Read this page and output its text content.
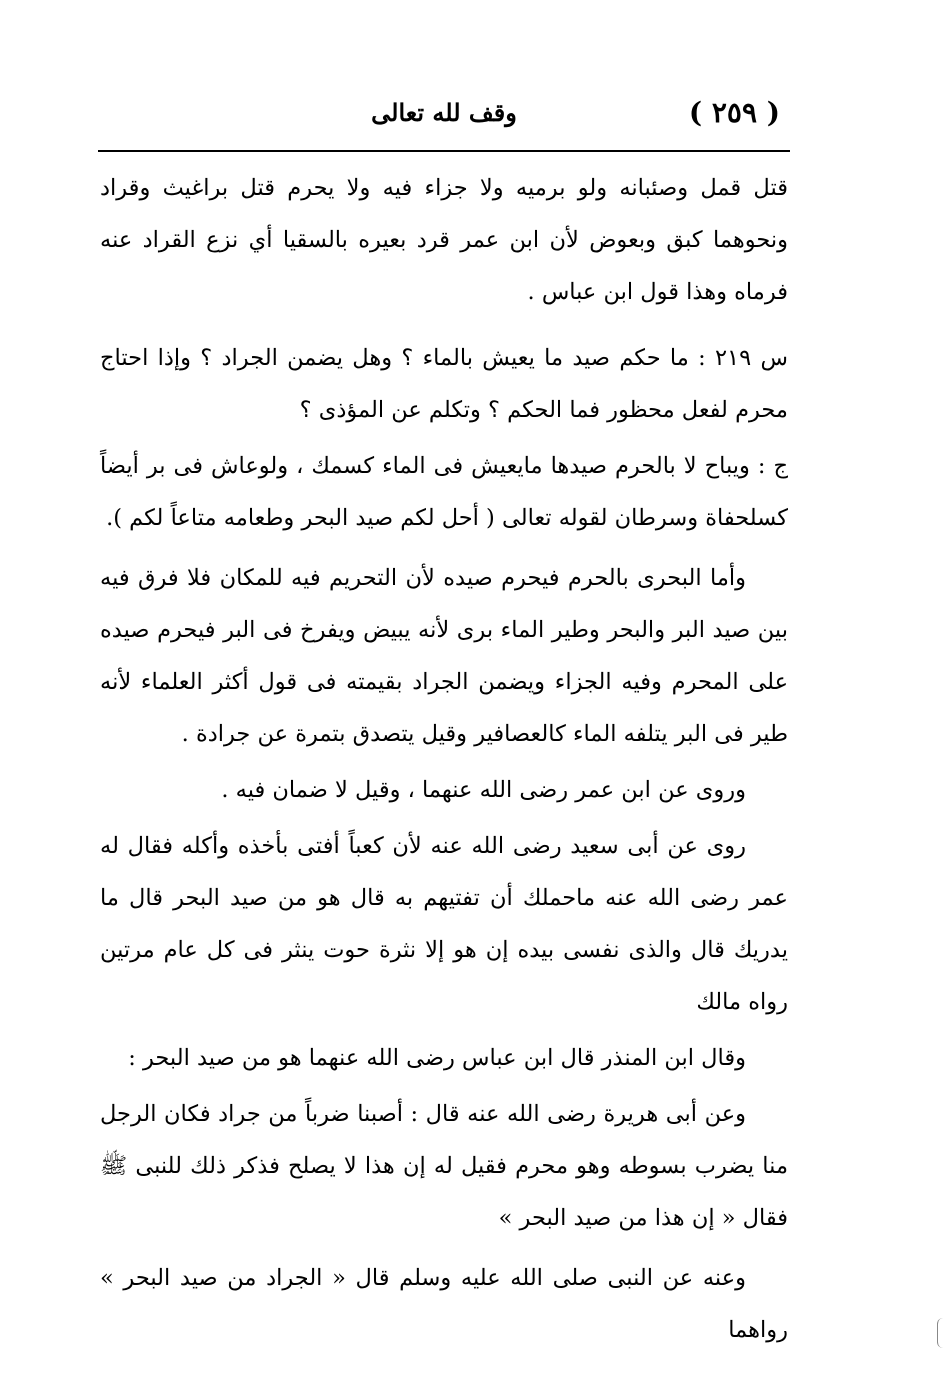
( ٢٥٩ )
وقف لله تعالى

قتل قمل وصئبانه ولو برميه ولا جزاء فيه ولا يحرم قتل براغيث وقراد ونحوهما كبق وبعوض لأن ابن عمر قرد بعيره بالسقيا أي نزع القراد عنه فرماه وهذا قول ابن عباس .

س ٢١٩ : ما حكم صيد ما يعيش بالماء ؟ وهل يضمن الجراد ؟ وإذا احتاج محرم لفعل محظور فما الحكم ؟ وتكلم عن المؤذى ؟

ج : ويباح لا بالحرم صيدها مايعيش فى الماء كسمك ، ولوعاش فى بر أيضاً كسلحفاة وسرطان لقوله تعالى ( أحل لكم صيد البحر وطعامه متاعاً لكم ).

وأما البحرى بالحرم فيحرم صيده لأن التحريم فيه للمكان فلا فرق فيه بين صيد البر والبحر وطير الماء برى لأنه يبيض ويفرخ فى البر فيحرم صيده على المحرم وفيه الجزاء ويضمن الجراد بقيمته فى قول أكثر العلماء لأنه طير فى البر يتلفه الماء كالعصافير وقيل يتصدق بتمرة عن جرادة .

وروى عن ابن عمر رضى الله عنهما ، وقيل لا ضمان فيه .

روى عن أبى سعيد رضى الله عنه لأن كعباً أفتى بأخذه وأكله فقال له عمر رضى الله عنه ماحملك أن تفتيهم به قال هو من صيد البحر قال ما يدريك قال والذى نفسى بيده إن هو إلا نثرة حوت ينثر فى كل عام مرتين رواه مالك

وقال ابن المنذر قال ابن عباس رضى الله عنهما هو من صيد البحر :

وعن أبى هريرة رضى الله عنه قال : أصبنا ضرباً من جراد فكان الرجل منا يضرب بسوطه وهو محرم فقيل له إن هذا لا يصلح فذكر ذلك للنبى ﷺ فقال « إن هذا من صيد البحر »

وعنه عن النبى صلى الله عليه وسلم قال « الجراد من صيد البحر » رواهما
